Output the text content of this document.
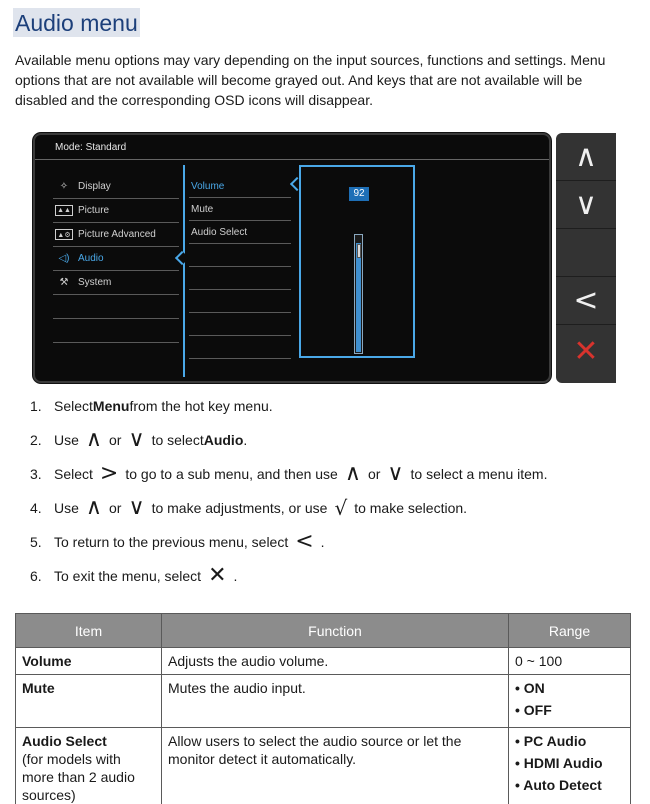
Audio menu

Available menu options may vary depending on the input sources, functions and settings. Menu options that are not available will become grayed out. And keys that are not available will be disabled and the corresponding OSD icons will disappear.

Mode: Standard
✧ Display
▲▲ Picture
▲⚙ Picture Advanced
◁) Audio
⚒ System
Volume
Mute
Audio Select
92
∧
∨
<
✕
1. Select Menu from the hot key menu.
2. Use ∧ or ∨ to select Audio .
3. Select > to go to a sub menu, and then use ∧ or ∨ to select a menu item.
4. Use ∧ or ∨ to make adjustments, or use √ to make selection.
5. To return to the previous menu, select < .
6. To exit the menu, select ✕ .
Item	Function	Range
Volume	Adjusts the audio volume.	0 ~ 100
Mute	Mutes the audio input.	• ON
• OFF

Audio Select
(for models with more than 2 audio sources)	Allow users to select the audio source or let the monitor detect it automatically.	• PC Audio
• HDMI Audio
• Auto Detect
